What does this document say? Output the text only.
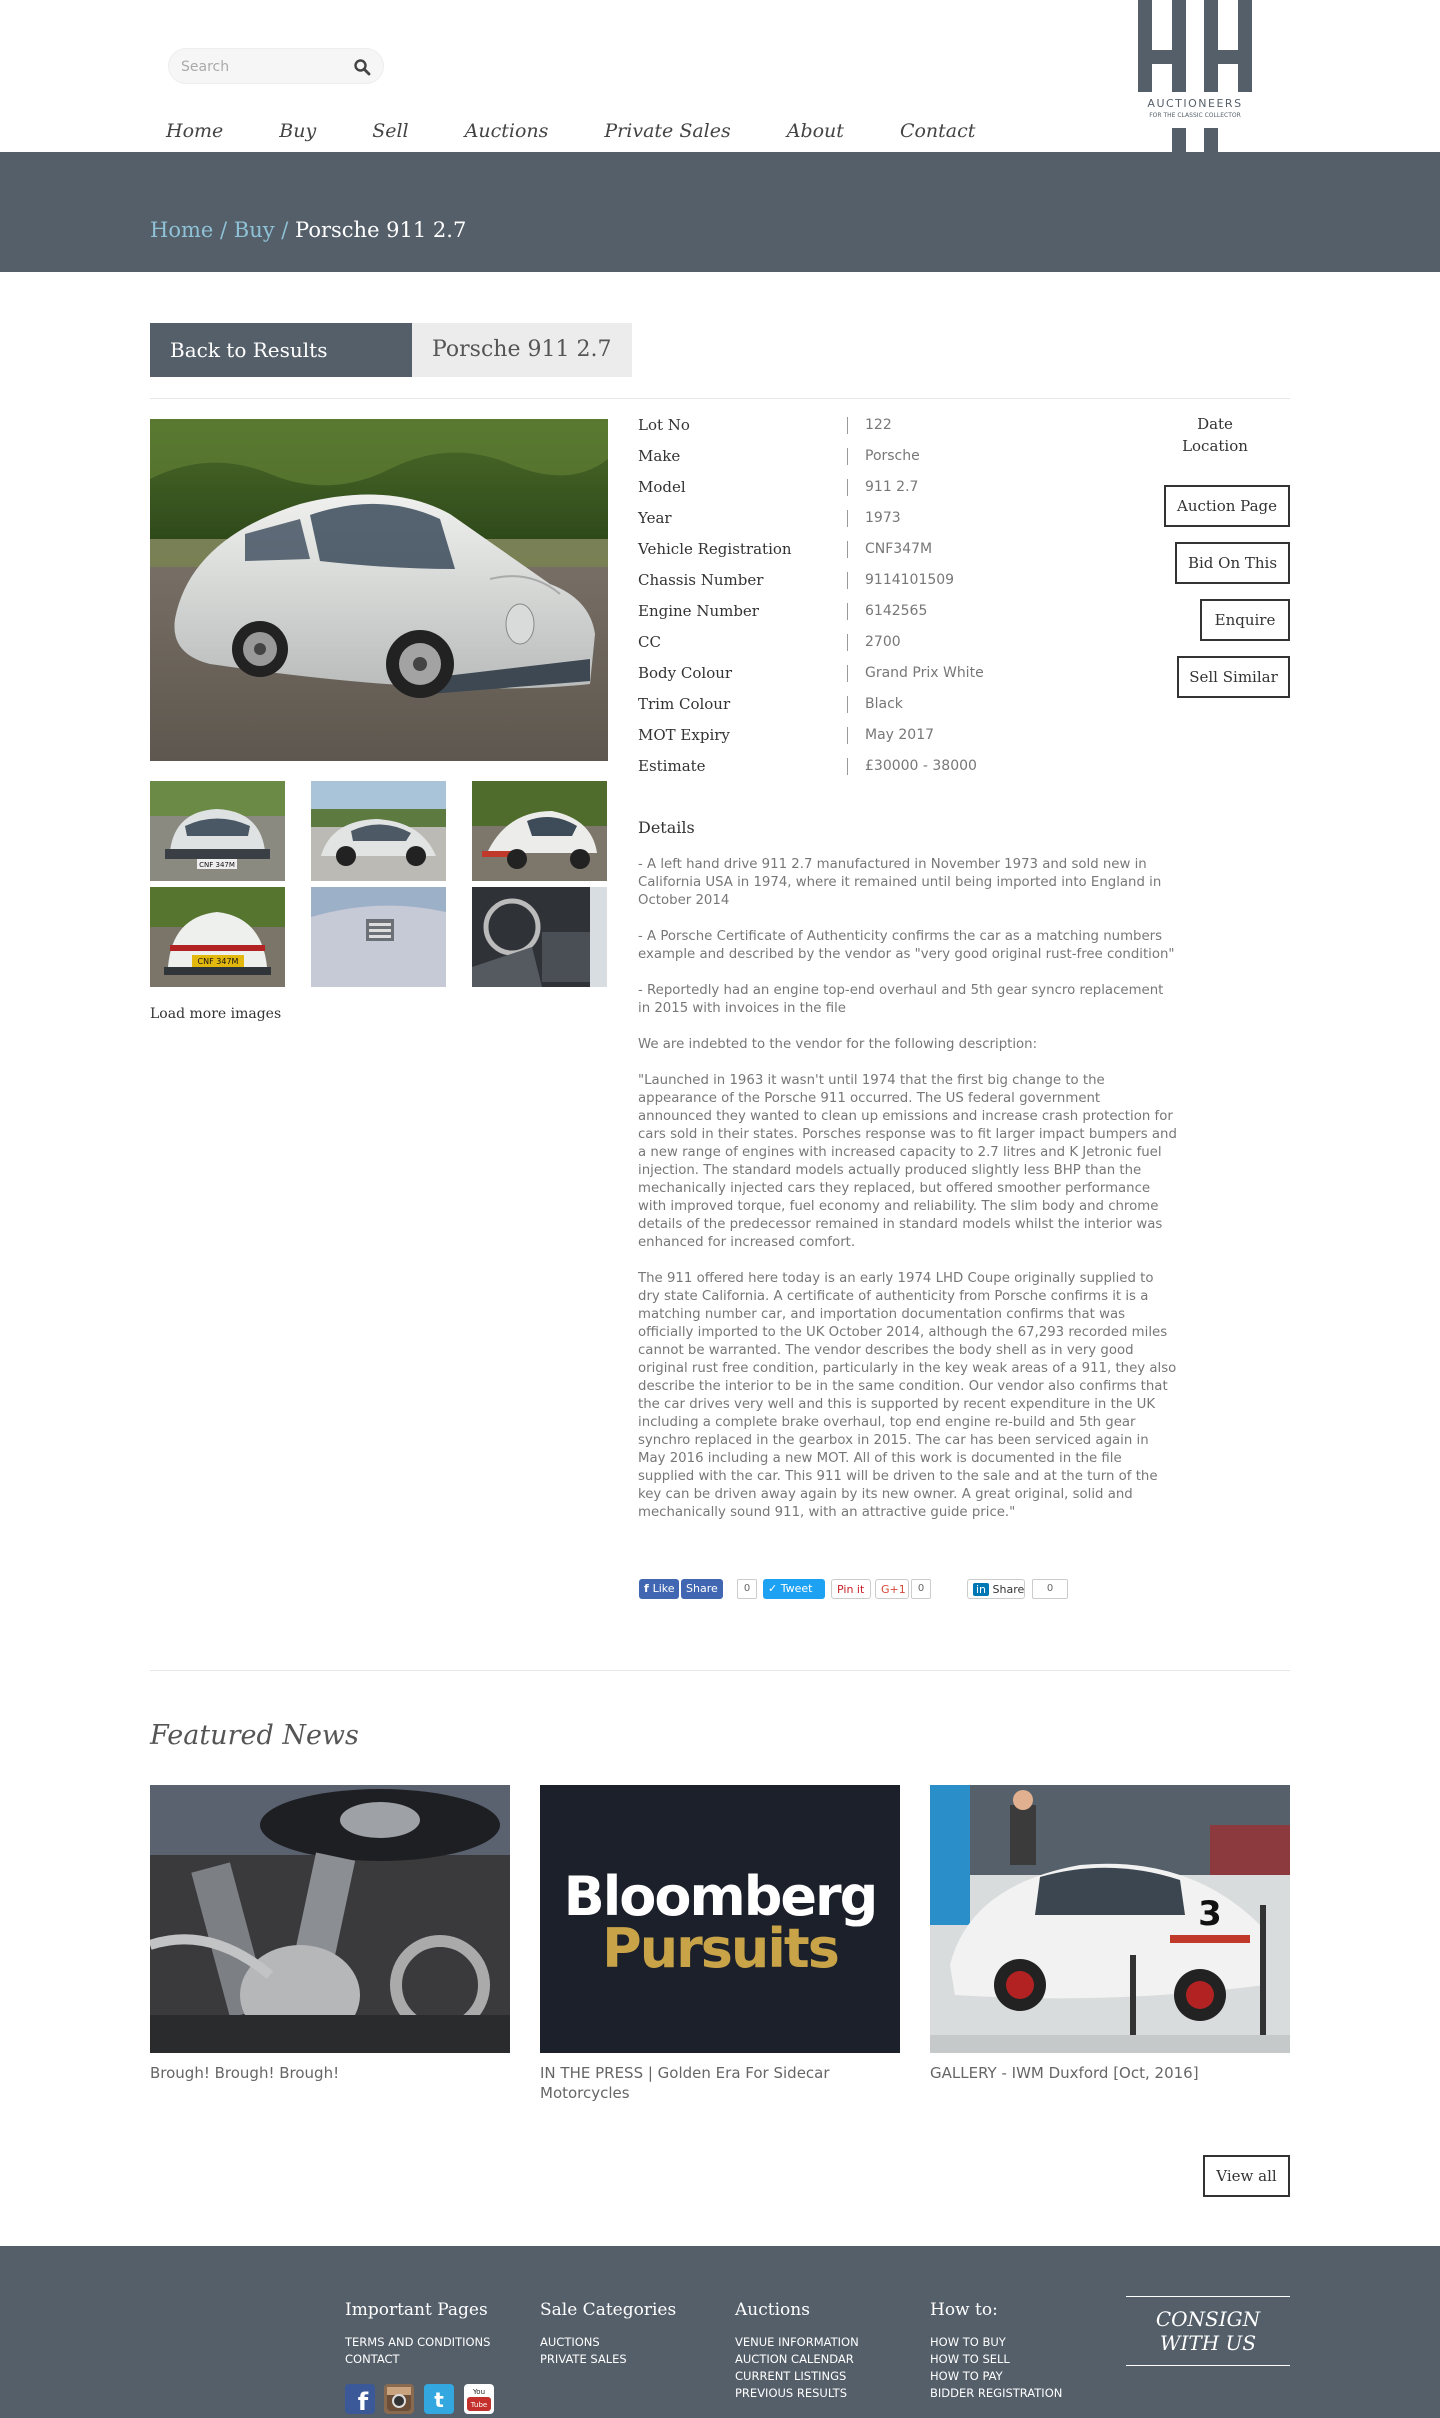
Search
Home	Buy	Sell	Auctions	Private Sales	About	Contact
AND
AUCTIONEERS
FOR THE CLASSIC COLLECTOR
Home / Buy / Porsche 911 2.7
Back to Results	Porsche 911 2.7
CNF 347M
CNF 347M
Load more images
Lot No	122
Make	Porsche
Model	911 2.7
Year	1973
Vehicle Registration	CNF347M
Chassis Number	9114101509
Engine Number	6142565
CC	2700
Body Colour	Grand Prix White
Trim Colour	Black
MOT Expiry	May 2017
Estimate	£30000 - 38000
Date
Location
Auction Page
Bid On This
Enquire
Sell Similar
Details

- A left hand drive 911 2.7 manufactured in November 1973 and sold new in California USA in 1974, where it remained until being imported into England in October 2014

- A Porsche Certificate of Authenticity confirms the car as a matching numbers example and described by the vendor as "very good original rust-free condition"

- Reportedly had an engine top-end overhaul and 5th gear syncro replacement in 2015 with invoices in the file

We are indebted to the vendor for the following description:

"Launched in 1963 it wasn't until 1974 that the first big change to the appearance of the Porsche 911 occurred. The US federal government announced they wanted to clean up emissions and increase crash protection for cars sold in their states. Porsches response was to fit larger impact bumpers and a new range of engines with increased capacity to 2.7 litres and K Jetronic fuel injection. The standard models actually produced slightly less BHP than the mechanically injected cars they replaced, but offered smoother performance with improved torque, fuel economy and reliability. The slim body and chrome details of the predecessor remained in standard models whilst the interior was enhanced for increased comfort.

The 911 offered here today is an early 1974 LHD Coupe originally supplied to dry state California. A certificate of authenticity from Porsche confirms it is a matching number car, and importation documentation confirms that was officially imported to the UK October 2014, although the 67,293 recorded miles cannot be warranted. The vendor describes the body shell as in very good original rust free condition, particularly in the key weak areas of a 911, they also describe the interior to be in the same condition. Our vendor also confirms that the car drives very well and this is supported by recent expenditure in the UK including a complete brake overhaul, top end engine re-build and 5th gear synchro replaced in the gearbox in 2015. The car has been serviced again in May 2016 including a new MOT. All of this work is documented in the file supplied with the car. This 911 will be driven to the sale and at the turn of the key can be driven away again by its new owner. A great original, solid and mechanically sound 911, with an attractive guide price."

f Like	Share	0	✓ Tweet	Pin it	G+1	0	in Share	0
Featured News
Bloomberg
Pursuits
3
Brough! Brough! Brough!	IN THE PRESS | Golden Era For Sidecar Motorcycles
GALLERY - IWM Duxford [Oct, 2016]
View all
Important Pages
TERMS AND CONDITIONS
CONTACT
Sale Categories
AUCTIONS
PRIVATE SALES
Auctions
VENUE INFORMATION
AUCTION CALENDAR
CURRENT LISTINGS
PREVIOUS RESULTS
How to:
HOW TO BUY
HOW TO SELL
HOW TO PAY
BIDDER REGISTRATION
CONSIGN
WITH US
f	t	You
Tube
